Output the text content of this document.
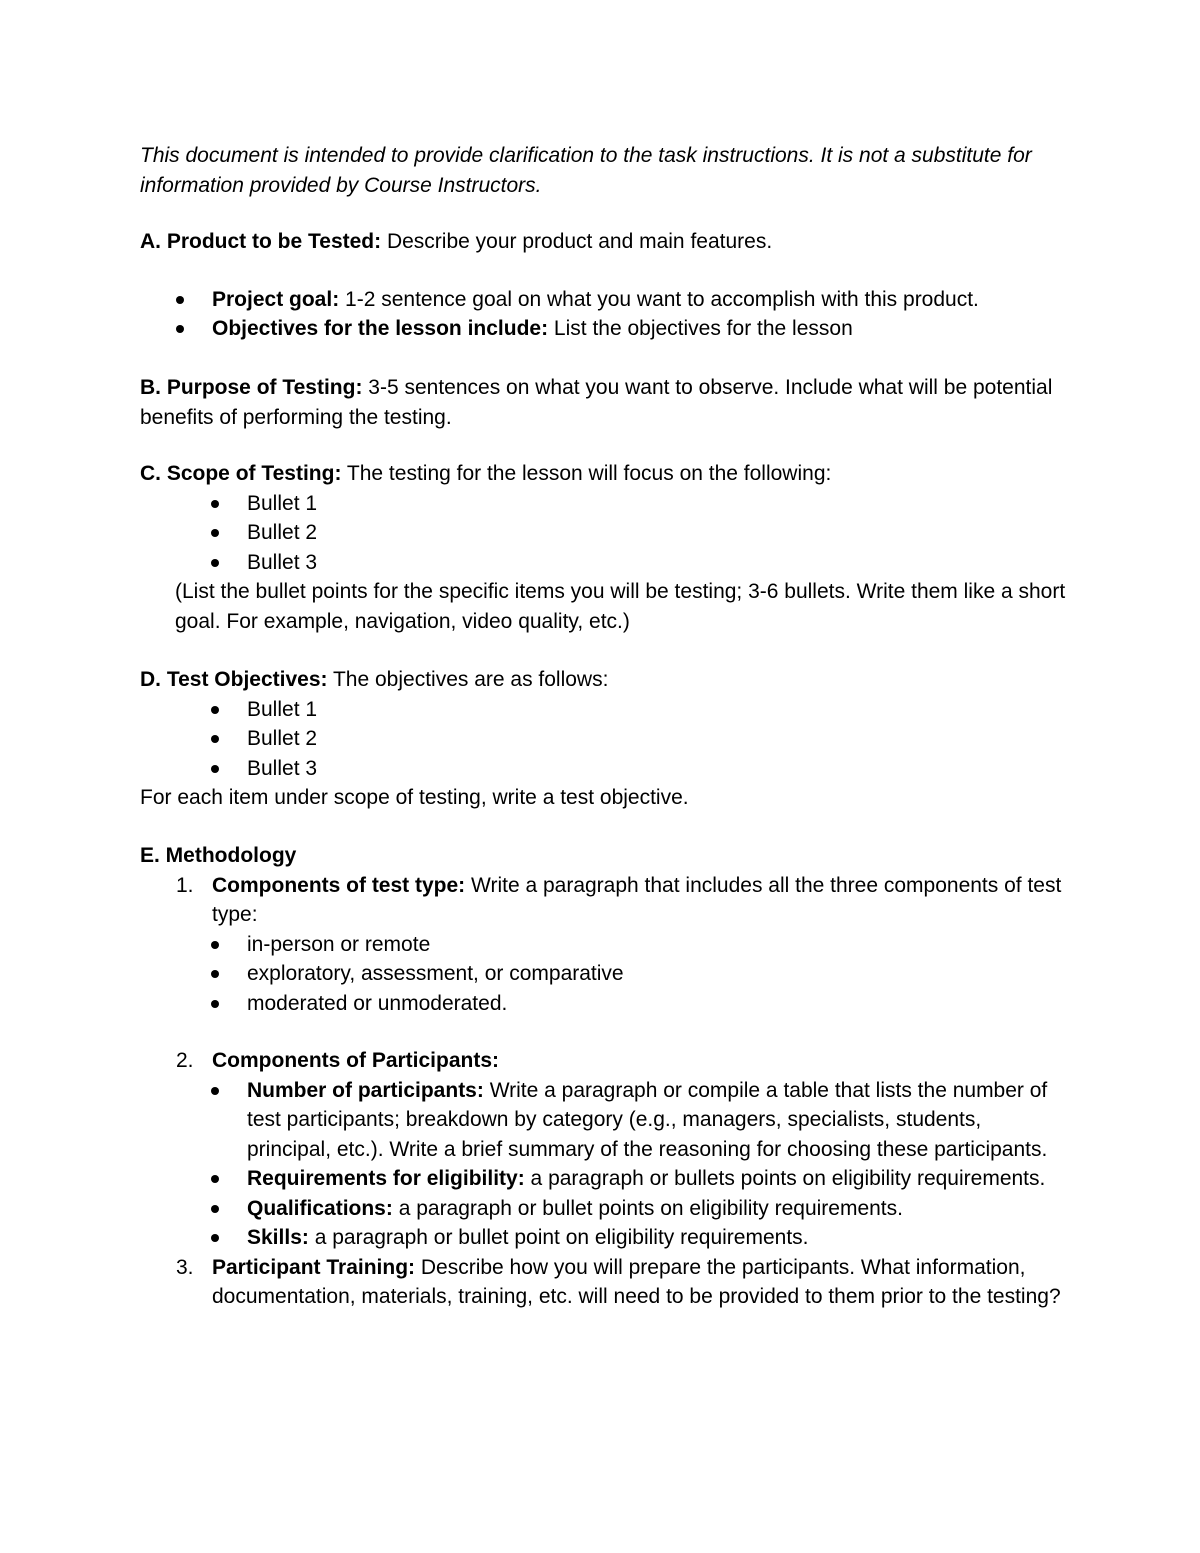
This document is intended to provide clarification to the task instructions. It is not a substitute for information provided by Course Instructors.

A. Product to be Tested: Describe your product and main features.

Project goal: 1-2 sentence goal on what you want to accomplish with this product.
Objectives for the lesson include: List the objectives for the lesson

B. Purpose of Testing: 3-5 sentences on what you want to observe. Include what will be potential benefits of performing the testing.

C. Scope of Testing: The testing for the lesson will focus on the following:

Bullet 1
Bullet 2
Bullet 3

(List the bullet points for the specific items you will be testing; 3-6 bullets. Write them like a short goal. For example, navigation, video quality, etc.)

D. Test Objectives: The objectives are as follows:

Bullet 1
Bullet 2
Bullet 3

For each item under scope of testing, write a test objective.

E. Methodology

1. Components of test type: Write a paragraph that includes all the three components of test type:
in-person or remote
exploratory, assessment, or comparative
moderated or unmoderated.
2. Components of Participants:
Number of participants: Write a paragraph or compile a table that lists the number of test participants; breakdown by category (e.g., managers, specialists, students, principal, etc.). Write a brief summary of the reasoning for choosing these participants.
Requirements for eligibility: a paragraph or bullets points on eligibility requirements.
Qualifications: a paragraph or bullet points on eligibility requirements.
Skills: a paragraph or bullet point on eligibility requirements.
3. Participant Training: Describe how you will prepare the participants. What information, documentation, materials, training, etc. will need to be provided to them prior to the testing?
